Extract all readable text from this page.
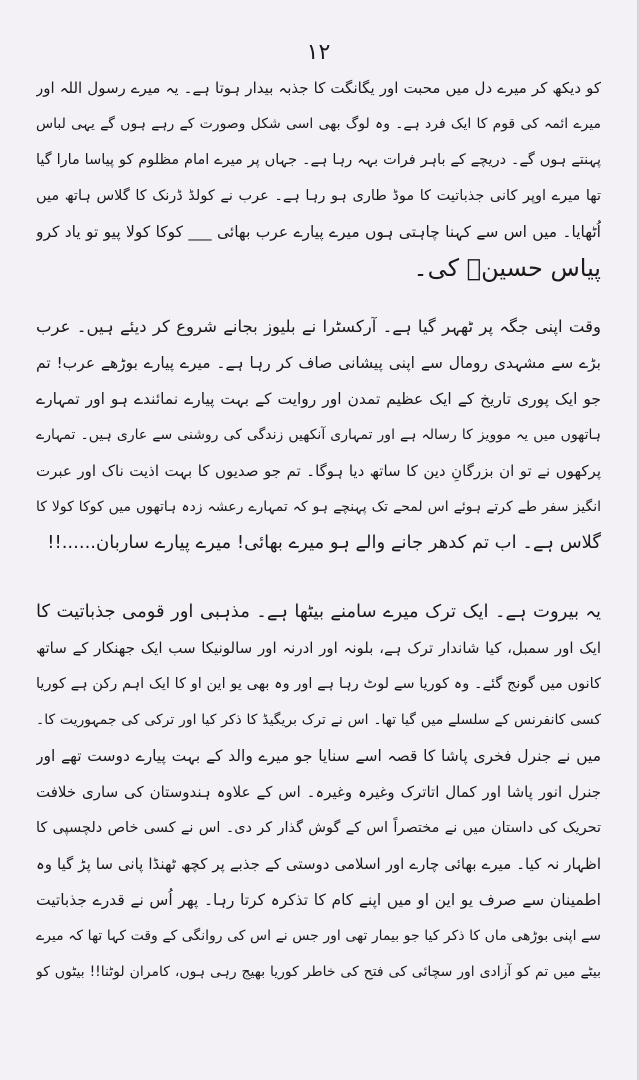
۱۲
کو دیکھ کر میرے دل میں محبت اور یگانگت کا جذبہ بیدار ہوتا ہے۔ یہ میرے رسول اللہ اور
میرے ائمہ کی قوم کا ایک فرد ہے۔ وہ لوگ بھی اسی شکل وصورت کے رہے ہوں گے یہی لباس
پہنتے ہوں گے۔ دریچے کے باہر فرات بہہ رہا ہے۔ جہاں پر میرے امام مظلوم کو پیاسا مارا گیا
تھا میرے اوپر کانی جذباتیت کا موڈ طاری ہو رہا ہے۔ عرب نے کولڈ ڈرنک کا گلاس ہاتھ میں
اُٹھایا۔ میں اس سے کہنا چاہتی ہوں میرے پیارے عرب بھائی ___ کوکا کولا پیو تو یاد کرو
پیاس حسینؑ کی۔
وقت اپنی جگہ پر ٹھہر گیا ہے۔ آرکسٹرا نے بلیوز بجانے شروع کر دیئے ہیں۔ عرب
بڑے سے مشہدی رومال سے اپنی پیشانی صاف کر رہا ہے۔ میرے پیارے بوڑھے عرب! تم
جو ایک پوری تاریخ کے ایک عظیم تمدن اور روایت کے بہت پیارے نمائندے ہو اور تمہارے
ہاتھوں میں یہ موویز کا رسالہ ہے اور تمہاری آنکھیں زندگی کی روشنی سے عاری ہیں۔ تمہارے
پرکھوں نے تو ان بزرگانِ دین کا ساتھ دیا ہوگا۔ تم جو صدیوں کا بہت اذیت ناک اور عبرت
انگیز سفر طے کرتے ہوئے اس لمحے تک پہنچے ہو کہ تمہارے رعشہ زدہ ہاتھوں میں کوکا کولا کا
گلاس ہے۔ اب تم کدھر جانے والے ہو میرے بھائی! میرے پیارے ساربان......!!
یہ بیروت ہے۔ ایک ترک میرے سامنے بیٹھا ہے۔ مذہبی اور قومی جذباتیت کا
ایک اور سمبل، کیا شاندار ترک ہے، بلونہ اور ادرنہ اور سالونیکا سب ایک جھنکار کے ساتھ
کانوں میں گونج گئے۔ وہ کوریا سے لوٹ رہا ہے اور وہ بھی یو این او کا ایک اہم رکن ہے کوریا
کسی کانفرنس کے سلسلے میں گیا تھا۔ اس نے ترک بریگیڈ کا ذکر کیا اور ترکی کی جمہوریت کا۔
میں نے جنرل فخری پاشا کا قصہ اسے سنایا جو میرے والد کے بہت پیارے دوست تھے اور
جنرل انور پاشا اور کمال اتاترک وغیرہ وغیرہ۔ اس کے علاوہ ہندوستان کی ساری خلافت
تحریک کی داستان میں نے مختصراً اس کے گوش گذار کر دی۔ اس نے کسی خاص دلچسپی کا
اظہار نہ کیا۔ میرے بھائی چارے اور اسلامی دوستی کے جذبے پر کچھ ٹھنڈا پانی سا پڑ گیا وہ
اطمینان سے صرف یو این او میں اپنے کام کا تذکرہ کرتا رہا۔ پھر اُس نے قدرے جذباتیت
سے اپنی بوڑھی ماں کا ذکر کیا جو بیمار تھی اور جس نے اس کی روانگی کے وقت کہا تھا کہ میرے
بیٹے میں تم کو آزادی اور سچائی کی فتح کی خاطر کوریا بھیج رہی ہوں، کامران لوٹنا!! بیٹوں کو
